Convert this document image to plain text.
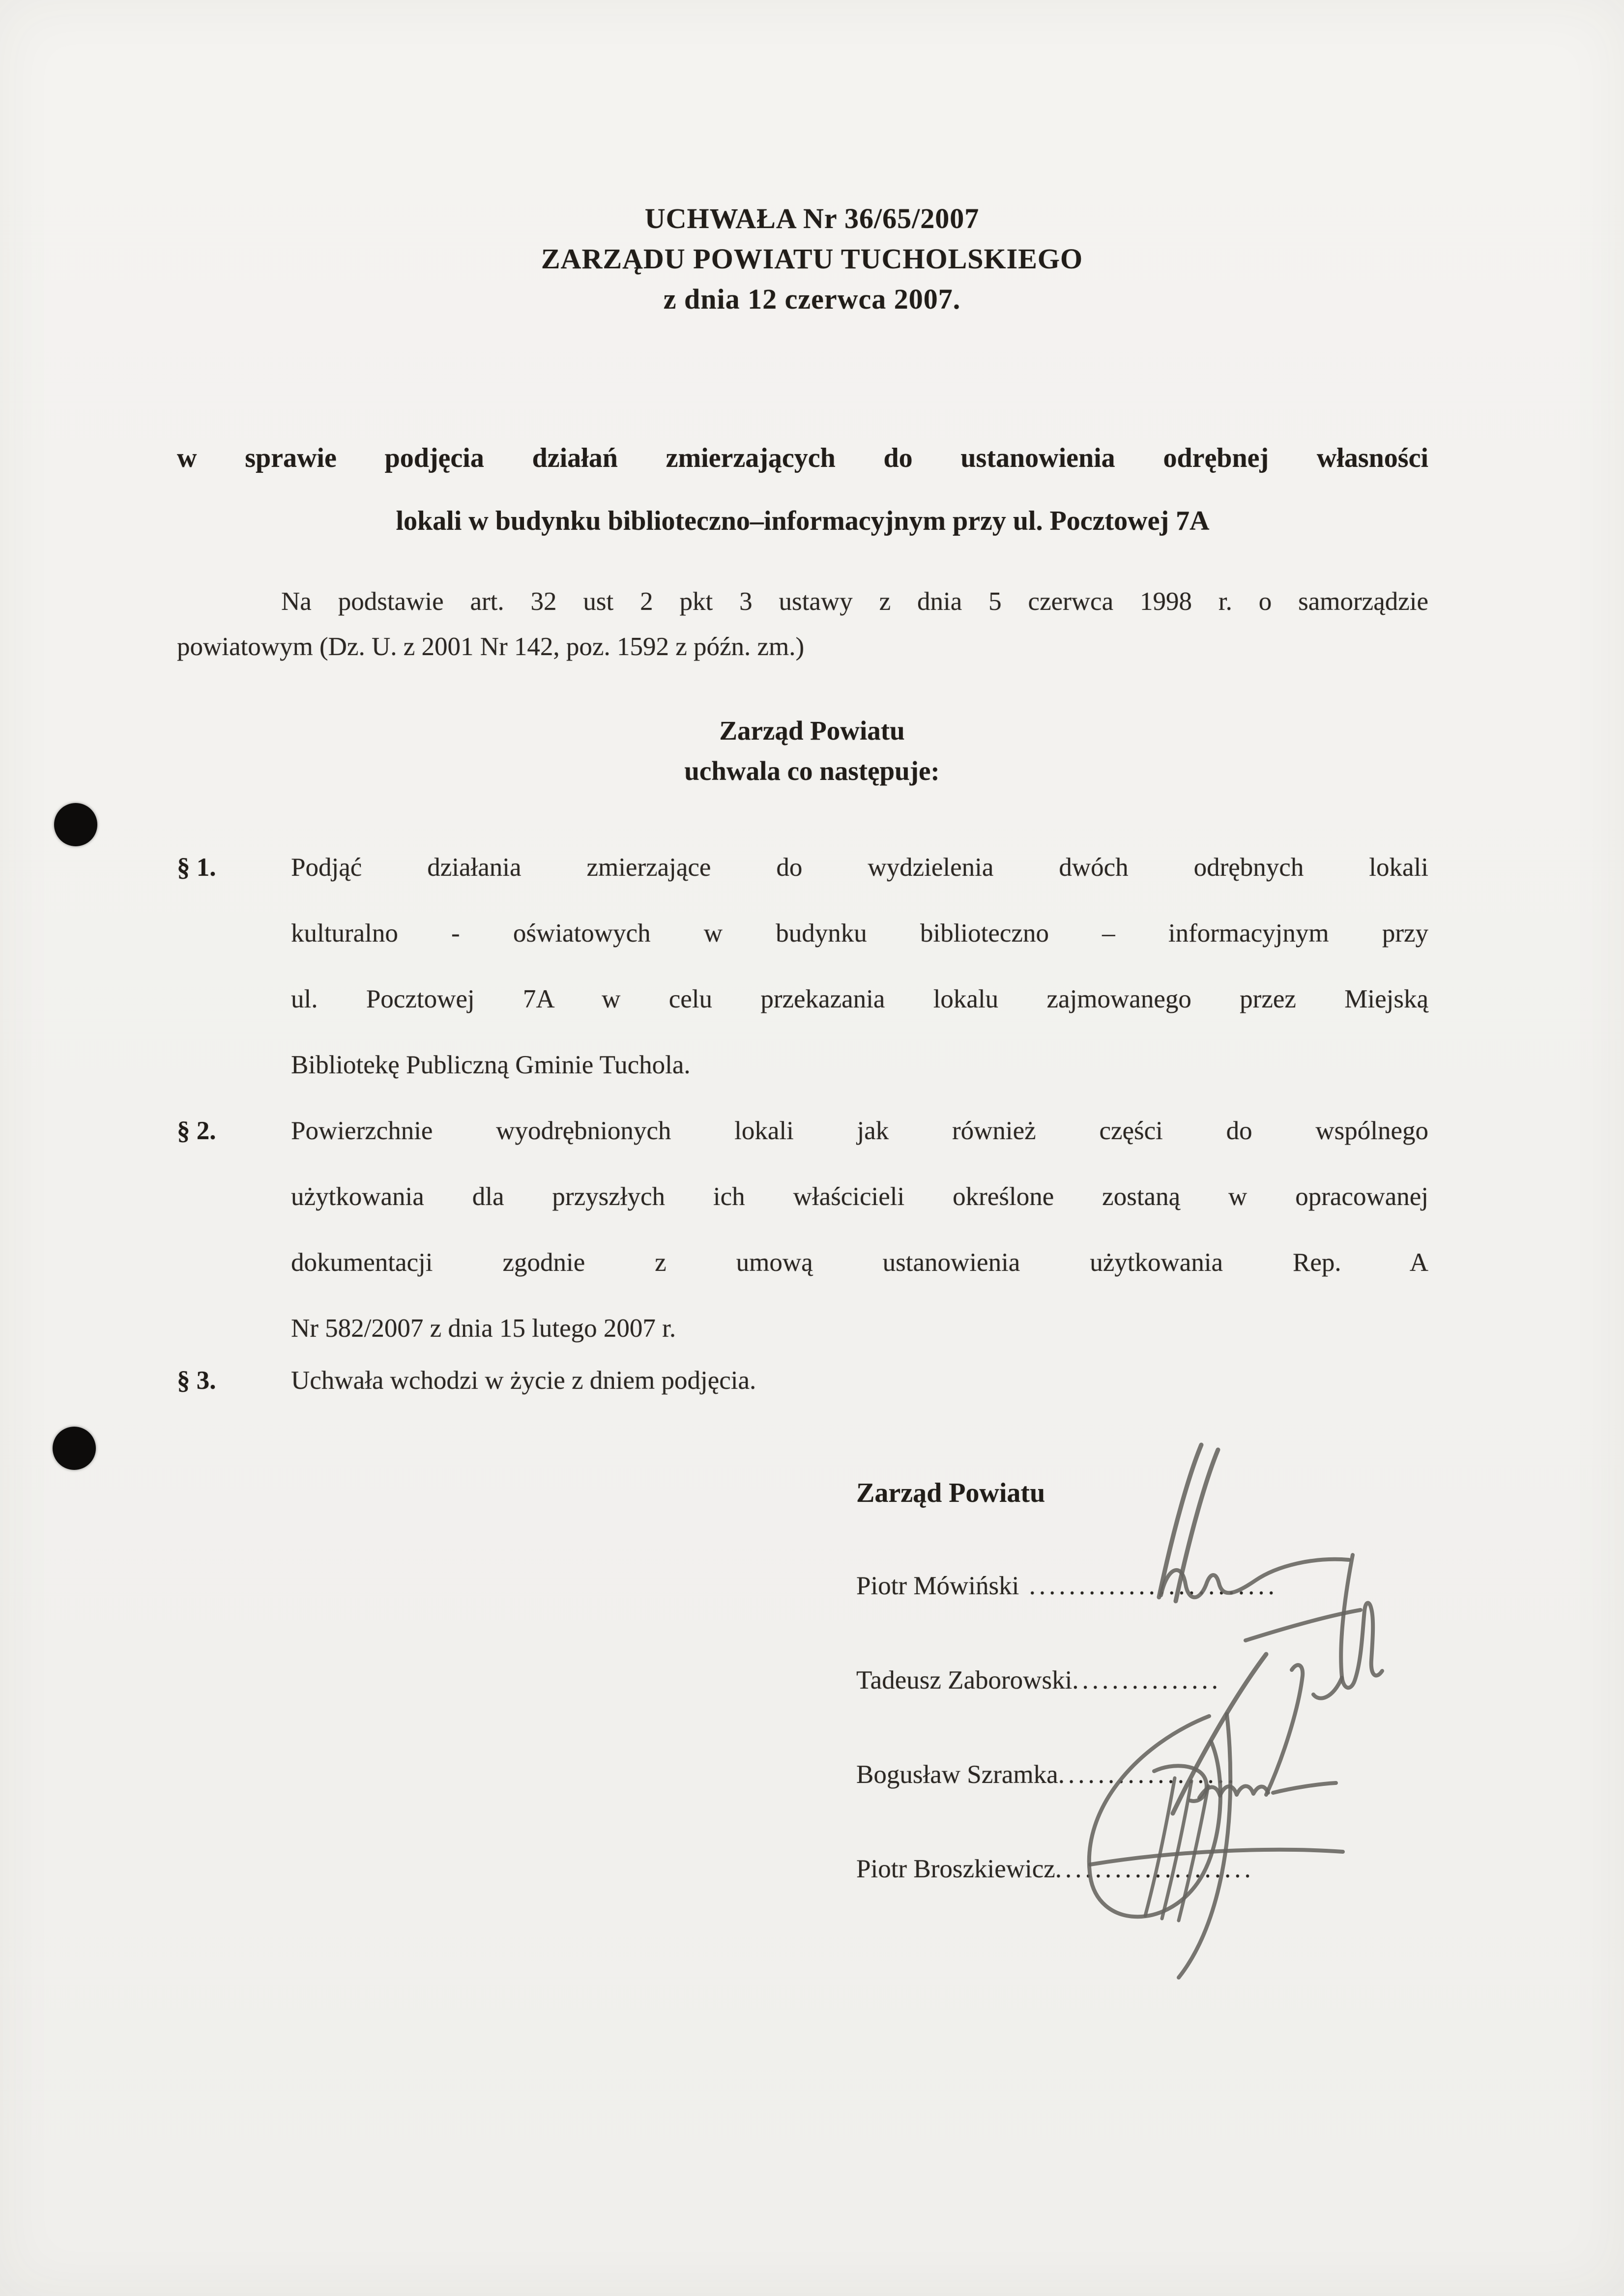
UCHWAŁA Nr 36/65/2007
ZARZĄDU POWIATU TUCHOLSKIEGO
z dnia 12 czerwca 2007.
w sprawie podjęcia działań zmierzających do ustanowienia odrębnej własności
lokali w budynku biblioteczno–informacyjnym przy ul. Pocztowej 7A
Na podstawie art. 32 ust 2 pkt 3 ustawy z dnia 5 czerwca 1998 r. o samorządzie
powiatowym (Dz. U. z 2001 Nr 142, poz. 1592 z późn. zm.)
Zarząd Powiatu
uchwala co następuje:
§ 1.	Podjąć działania zmierzające do wydzielenia dwóch odrębnych lokali
kulturalno - oświatowych w budynku biblioteczno – informacyjnym przy
ul. Pocztowej 7A w celu przekazania lokalu zajmowanego przez Miejską
Bibliotekę Publiczną Gminie Tuchola.
§ 2.	Powierzchnie wyodrębnionych lokali jak również części do wspólnego
użytkowania dla przyszłych ich właścicieli określone zostaną w opracowanej
dokumentacji zgodnie z umową ustanowienia użytkowania Rep. A
Nr 582/2007 z dnia 15 lutego 2007 r.
§ 3.	Uchwała wchodzi w życie z dniem podjęcia.
Zarząd Powiatu
Piotr Mówiński .........................
Tadeusz Zaborowski...............
Bogusław Szramka..................
Piotr Broszkiewicz....................
